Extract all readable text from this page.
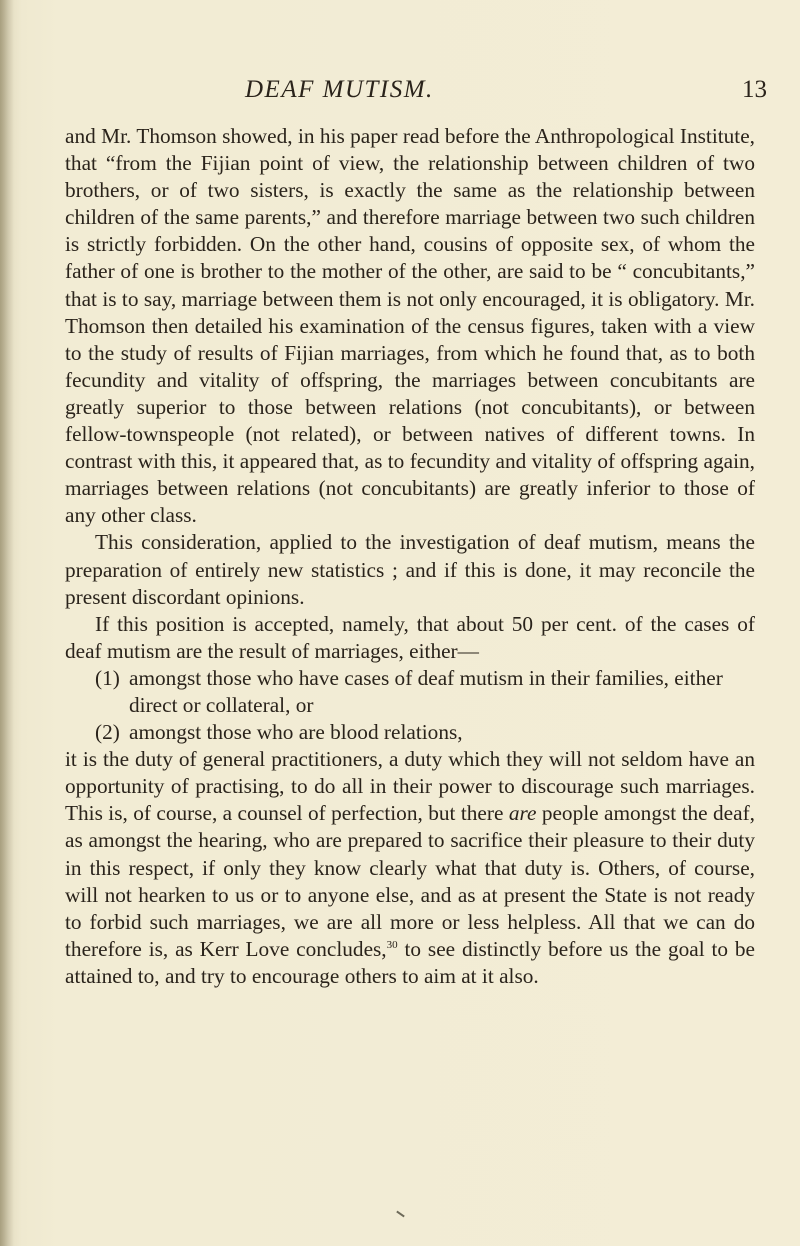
DEAF MUTISM.	13

and Mr. Thomson showed, in his paper read before the Anthropological Institute, that “from the Fijian point of view, the relationship between children of two brothers, or of two sisters, is exactly the same as the relationship between children of the same parents,” and therefore marriage between two such children is strictly forbidden. On the other hand, cousins of opposite sex, of whom the father of one is brother to the mother of the other, are said to be “ concubitants,” that is to say, marriage between them is not only encouraged, it is obligatory. Mr. Thomson then detailed his examination of the census figures, taken with a view to the study of results of Fijian marriages, from which he found that, as to both fecundity and vitality of offspring, the marriages between concubitants are greatly superior to those between relations (not concubitants), or between fellow-townspeople (not related), or between natives of different towns. In contrast with this, it appeared that, as to fecundity and vitality of offspring again, marriages between relations (not concubitants) are greatly inferior to those of any other class.

This consideration, applied to the investigation of deaf mutism, means the preparation of entirely new statistics ; and if this is done, it may reconcile the present discordant opinions.

If this position is accepted, namely, that about 50 per cent. of the cases of deaf mutism are the result of marriages, either—

(1) amongst those who have cases of deaf mutism in their families, either direct or collateral, or
(2) amongst those who are blood relations,

it is the duty of general practitioners, a duty which they will not seldom have an opportunity of practising, to do all in their power to discourage such marriages. This is, of course, a counsel of perfection, but there are people amongst the deaf, as amongst the hearing, who are prepared to sacrifice their pleasure to their duty in this respect, if only they know clearly what that duty is. Others, of course, will not hearken to us or to anyone else, and as at present the State is not ready to forbid such marriages, we are all more or less helpless. All that we can do therefore is, as Kerr Love concludes,$^{30}$ to see distinctly before us the goal to be attained to, and try to encourage others to aim at it also.
